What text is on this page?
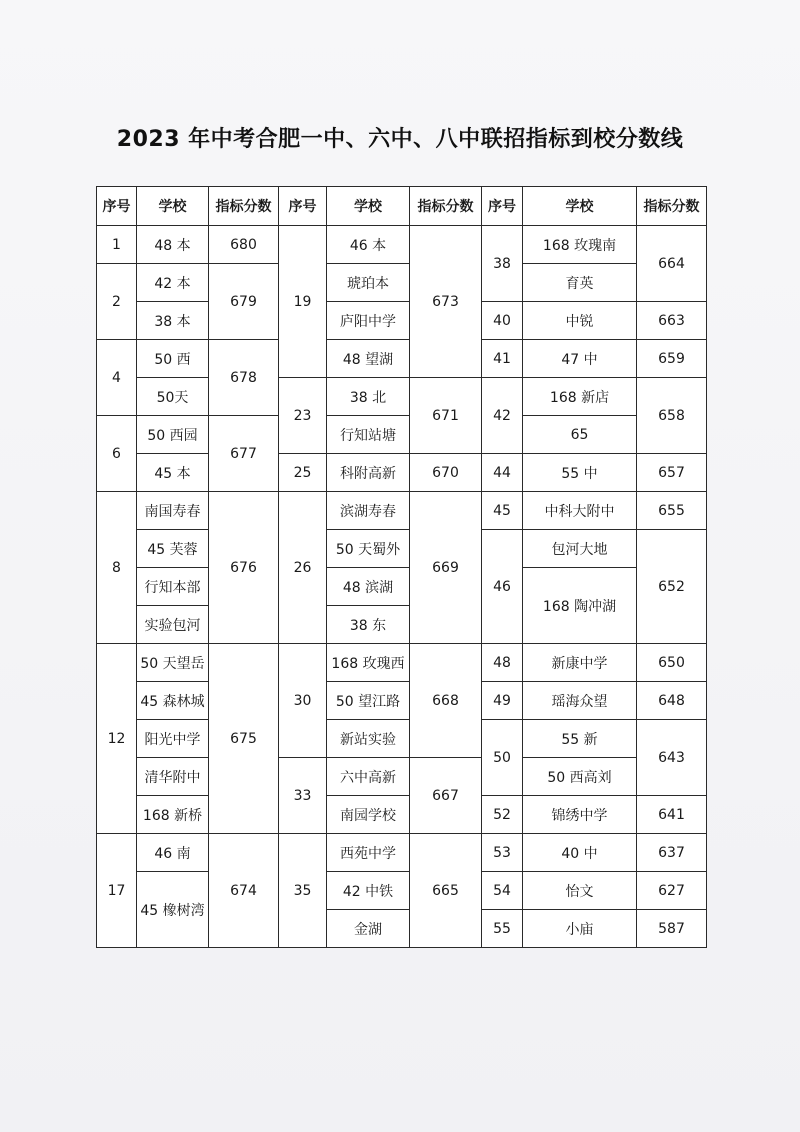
2023 年中考合肥一中、六中、八中联招指标到校分数线
序号	学校	指标分数	序号	学校	指标分数	序号	学校	指标分数
1	48 本	680	19	46 本	673	38	168 玫瑰南	664
2	42 本	679		琥珀本			育英	
	38 本			庐阳中学		40	中锐	663
4	50 西	678		48 望湖		41	47 中	659
	50天		23	38 北	671	42	168 新店	658
6	50 西园	677		行知站塘			65	
	45 本		25	科附高新	670	44	55 中	657
8	南国寿春	676	26	滨湖寿春	669	45	中科大附中	655
	45 芙蓉			50 天蜀外		46	包河大地	652
	行知本部			48 滨湖			168 陶冲湖	
	实验包河			38 东				
12	50 天望岳	675	30	168 玫瑰西	668	48	新康中学	650
	45 森林城			50 望江路		49	瑶海众望	648
	阳光中学			新站实验		50	55 新	643
	清华附中		33	六中高新	667		50 西高刘	
	168 新桥			南园学校		52	锦绣中学	641
17	46 南	674	35	西苑中学	665	53	40 中	637
	45 橡树湾			42 中铁		54	怡文	627
				金湖		55	小庙	587
